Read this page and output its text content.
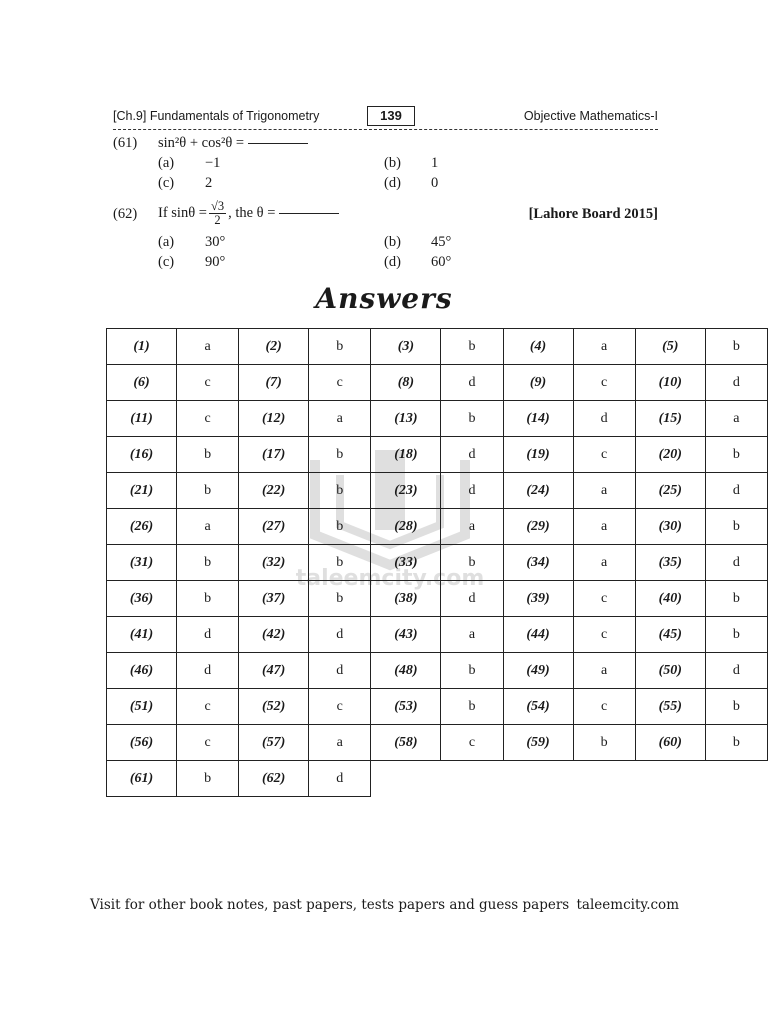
[Ch.9] Fundamentals of Trigonometry	139	Objective Mathematics-I
(61) sin²θ + cos²θ =
(a) −1	(b) 1
(c) 2	(d) 0
(62) If $\sin\theta = \frac{√3}{2}$ , the θ =	[Lahore Board 2015]
(a) 30°	(b) 45°
(c) 90°	(d) 60°
Answers
taleemcity.com
(1)	a	(2)	b	(3)	b	(4)	a	(5)	b
(6)	c	(7)	c	(8)	d	(9)	c	(10)	d
(11)	c	(12)	a	(13)	b	(14)	d	(15)	a
(16)	b	(17)	b	(18)	d	(19)	c	(20)	b
(21)	b	(22)	b	(23)	d	(24)	a	(25)	d
(26)	a	(27)	b	(28)	a	(29)	a	(30)	b
(31)	b	(32)	b	(33)	b	(34)	a	(35)	d
(36)	b	(37)	b	(38)	d	(39)	c	(40)	b
(41)	d	(42)	d	(43)	a	(44)	c	(45)	b
(46)	d	(47)	d	(48)	b	(49)	a	(50)	d
(51)	c	(52)	c	(53)	b	(54)	c	(55)	b
(56)	c	(57)	a	(58)	c	(59)	b	(60)	b
(61)	b	(62)	d						
Visit for other book notes, past papers, tests papers and guess papers taleemcity.com
